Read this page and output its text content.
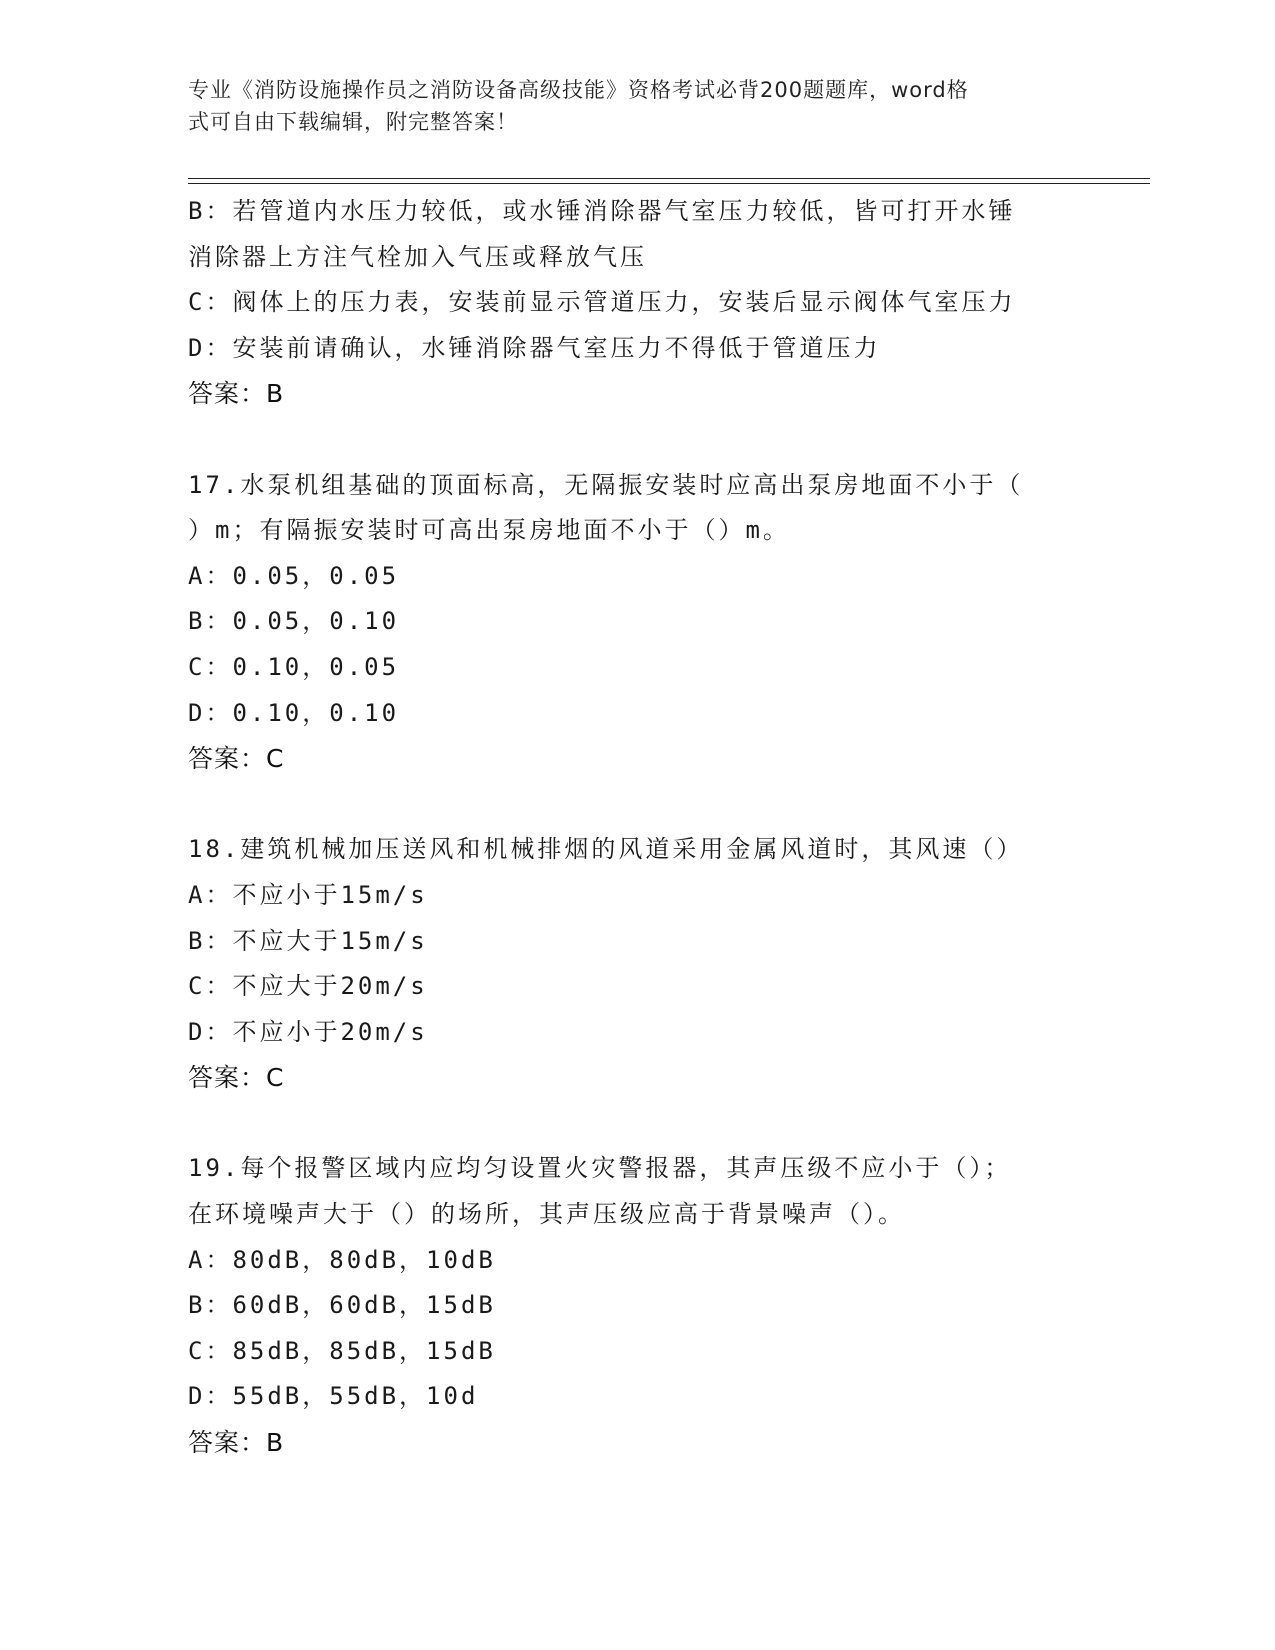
专业《消防设施操作员之消防设备高级技能》资格考试必背200题题库，word格
式可自由下载编辑，附完整答案！
B：若管道内水压力较低，或水锤消除器气室压力较低，皆可打开水锤
消除器上方注气栓加入气压或释放气压
C：阀体上的压力表，安装前显示管道压力，安装后显示阀体气室压力
D：安装前请确认，水锤消除器气室压力不得低于管道压力
答案：B
17.水泵机组基础的顶面标高，无隔振安装时应高出泵房地面不小于（
）m；有隔振安装时可高出泵房地面不小于（）m。
A：0.05，0.05
B：0.05，0.10
C：0.10，0.05
D：0.10，0.10
答案：C
18.建筑机械加压送风和机械排烟的风道采用金属风道时，其风速（）
A：不应小于15m/s
B：不应大于15m/s
C：不应大于20m/s
D：不应小于20m/s
答案：C
19.每个报警区域内应均匀设置火灾警报器，其声压级不应小于（）；
在环境噪声大于（）的场所，其声压级应高于背景噪声（）。
A：80dB，80dB，10dB
B：60dB，60dB，15dB
C：85dB，85dB，15dB
D：55dB，55dB，10d
答案：B
